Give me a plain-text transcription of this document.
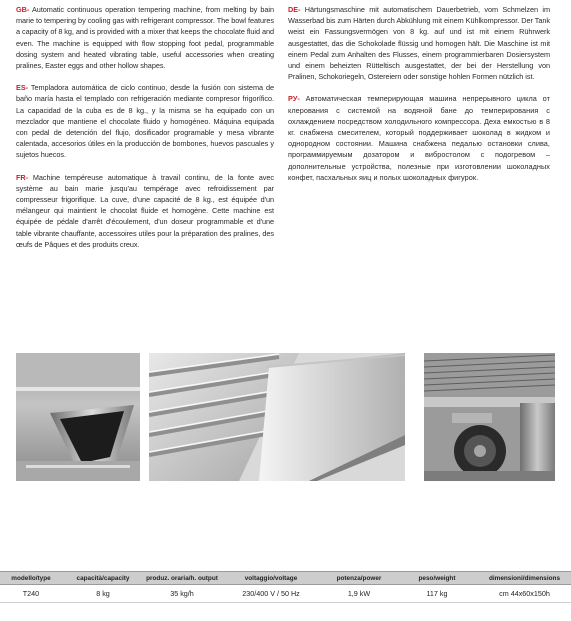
GB- Automatic continuous operation tempering machine, from melting by bain marie to tempering by cooling gas with refrigerant compressor. The bowl features a capacity of 8 kg, and is provided with a mixer that keeps the chocolate fluid and even. The machine is equipped with flow stopping foot pedal, programmable dosing system and heated vibrating table, useful accessories when creating pralines, Easter eggs and other hollow shapes.

ES- Templadora automática de ciclo continuo, desde la fusión con sistema de baño maría hasta el templado con refrigeración mediante compresor frigorífico. La capacidad de la cuba es de 8 kg., y la misma se ha equipado con un mezclador que mantiene el chocolate fluido y homogéneo. Máquina equipada con pedal de detención del flujo, dosificador programable y mesa vibrante calentada, accesorios útiles en la producción de bombones, huevos pascuales y sujetos huecos.

FR- Machine tempéreuse automatique à travail continu, de la fonte avec système au bain marie jusqu'au tempérage avec refroidissement par compresseur frigorifique. La cuve, d'une capacité de 8 kg., est équipée d'un mélangeur qui maintient le chocolat fluide et homogène. Cette machine est équipée de pédale d'arrêt d'écoulement, d'un doseur programmable et d'une table vibrante chauffante, accessoires utiles pour la préparation des pralines, des œufs de Pâques et des produits creux.

DE- Härtungsmaschine mit automatischem Dauerbetrieb, vom Schmelzen im Wasserbad bis zum Härten durch Abkühlung mit einem Kühlkompressor. Der Tank weist ein Fassungsvermögen von 8 kg. auf und ist mit einem Rührwerk ausgestattet, das die Schokolade flüssig und homogen hält. Die Maschine ist mit einem Pedal zum Anhalten des Flusses, einem programmierbaren Dosiersystem und einem beheizten Rütteltisch ausgestattet, der bei der Herstellung von Pralinen, Schokoriegeln, Ostereiern oder sonstige hohlen Formen nützlich ist.

РУ- Автоматическая темперирующая машина непрерывного цикла от клерования с системой на водяной бане до темперирования с охлаждением посредством холодильного компрессора. Деха емкостью в 8 кг. снабжена смесителем, который поддерживает шоколад в жидком и однородном состоянии. Машина снабжена педалью остановки слива, программируемым дозатором и вибростолом с подогревом – дополнительные устройства, полезные при изготовлении шоколадных конфет, пасхальных яиц и полых шоколадных фигурок.

modello/type	capacità/capacity	produz. oraria/h. output	voltaggio/voltage	potenza/power	peso/weight	dimensioni/dimensions
T240	8 kg	35 kg/h	230/400 V / 50 Hz	1,9 kW	117 kg	cm 44x60x150h
